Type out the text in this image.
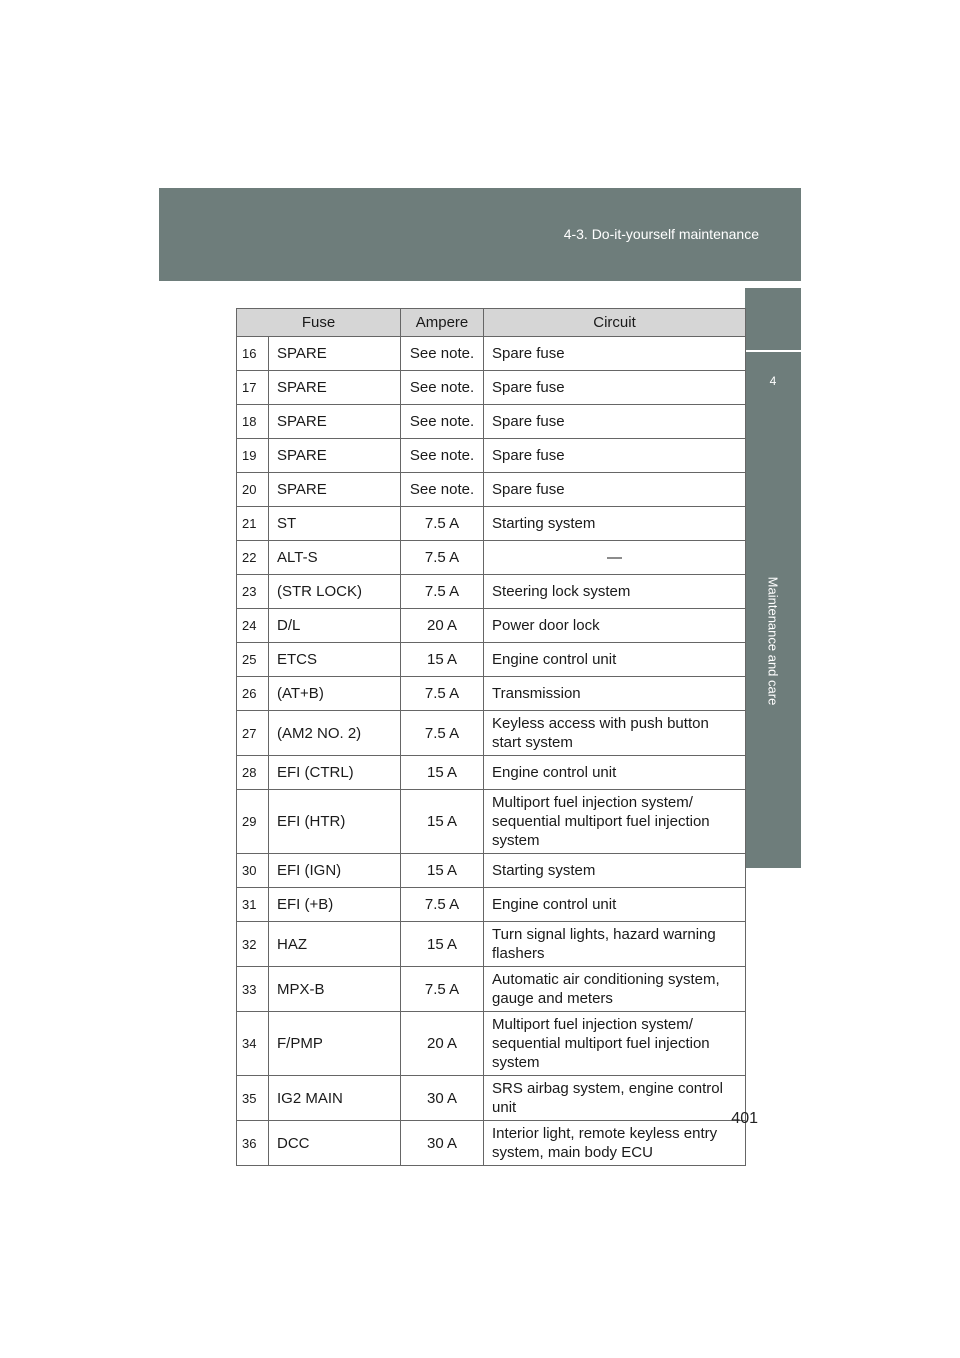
4-3. Do-it-yourself maintenance
4
Maintenance and care
Fuse		Ampere	Circuit
16	SPARE	See note.	Spare fuse
17	SPARE	See note.	Spare fuse
18	SPARE	See note.	Spare fuse
19	SPARE	See note.	Spare fuse
20	SPARE	See note.	Spare fuse
21	ST	7.5 A	Starting system
22	ALT-S	7.5 A	—
23	(STR LOCK)	7.5 A	Steering lock system
24	D/L	20 A	Power door lock
25	ETCS	15 A	Engine control unit
26	(AT+B)	7.5 A	Transmission
27	(AM2 NO. 2)	7.5 A	Keyless access with push button start system
28	EFI (CTRL)	15 A	Engine control unit
29	EFI (HTR)	15 A	Multiport fuel injection system/ sequential multiport fuel injection system
30	EFI (IGN)	15 A	Starting system
31	EFI (+B)	7.5 A	Engine control unit
32	HAZ	15 A	Turn signal lights, hazard warning flashers
33	MPX-B	7.5 A	Automatic air conditioning system, gauge and meters
34	F/PMP	20 A	Multiport fuel injection system/ sequential multiport fuel injection system
35	IG2 MAIN	30 A	SRS airbag system, engine control unit
36	DCC	30 A	Interior light, remote keyless entry system, main body ECU
401
